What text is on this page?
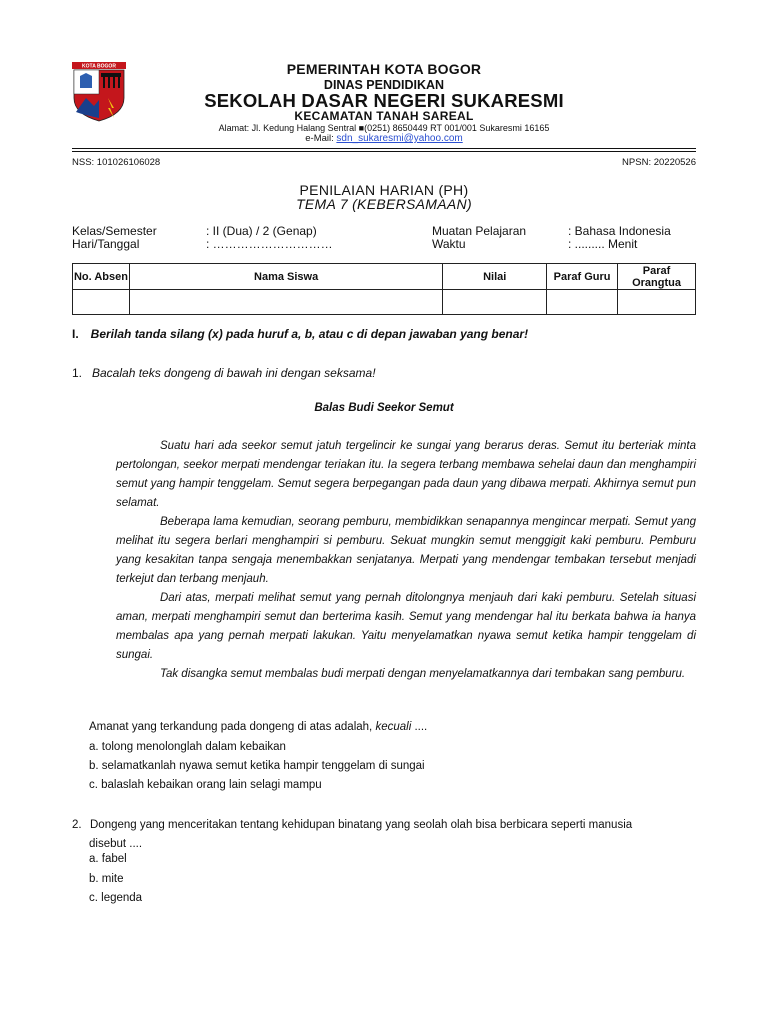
KOTA BOGOR	PEMERINTAH KOTA BOGOR
DINAS PENDIDIKAN
SEKOLAH DASAR NEGERI SUKARESMI
KECAMATAN TANAH SAREAL
Alamat: Jl. Kedung Halang Sentral ■(0251) 8650449 RT 001/001 Sukaresmi 16165
e-Mail: sdn_sukaresmi@yahoo.com
NSS: 101026106028	NPSN: 20220526
PENILAIAN HARIAN (PH)
TEMA 7 (KEBERSAMAAN)
Kelas/Semester	: II (Dua) / 2 (Genap)
Hari/Tanggal	: …………………………
Muatan Pelajaran	: Bahasa Indonesia
Waktu	: ......... Menit
No. Absen	Nama Siswa	Nilai	Paraf Guru	Paraf Orangtua

I. Berilah tanda silang (x) pada huruf a, b, atau c di depan jawaban yang benar!
1. Bacalah teks dongeng di bawah ini dengan seksama!
Balas Budi Seekor Semut
Suatu hari ada seekor semut jatuh tergelincir ke sungai yang berarus deras. Semut itu berteriak minta pertolongan, seekor merpati mendengar teriakan itu. Ia segera terbang membawa sehelai daun dan menghampiri semut yang hampir tenggelam. Semut segera berpegangan pada daun yang dibawa merpati. Akhirnya semut pun selamat.
Beberapa lama kemudian, seorang pemburu, membidikkan senapannya mengincar merpati. Semut yang melihat itu segera berlari menghampiri si pemburu. Sekuat mungkin semut menggigit kaki pemburu. Pemburu yang kesakitan tanpa sengaja menembakkan senjatanya. Merpati yang mendengar tembakan tersebut menjadi terkejut dan terbang menjauh.
Dari atas, merpati melihat semut yang pernah ditolongnya menjauh dari kaki pemburu. Setelah situasi aman, merpati menghampiri semut dan berterima kasih. Semut yang mendengar hal itu berkata bahwa ia hanya membalas apa yang pernah merpati lakukan. Yaitu menyelamatkan nyawa semut ketika hampir tenggelam di sungai.
Tak disangka semut membalas budi merpati dengan menyelamatkannya dari tembakan sang pemburu.
Amanat yang terkandung pada dongeng di atas adalah, kecuali ....
a. tolong menolonglah dalam kebaikan
b. selamatkanlah nyawa semut ketika hampir tenggelam di sungai
c. balaslah kebaikan orang lain selagi mampu
2. Dongeng yang menceritakan tentang kehidupan binatang yang seolah olah bisa berbicara seperti manusia
disebut ....
a. fabel
b. mite
c. legenda
